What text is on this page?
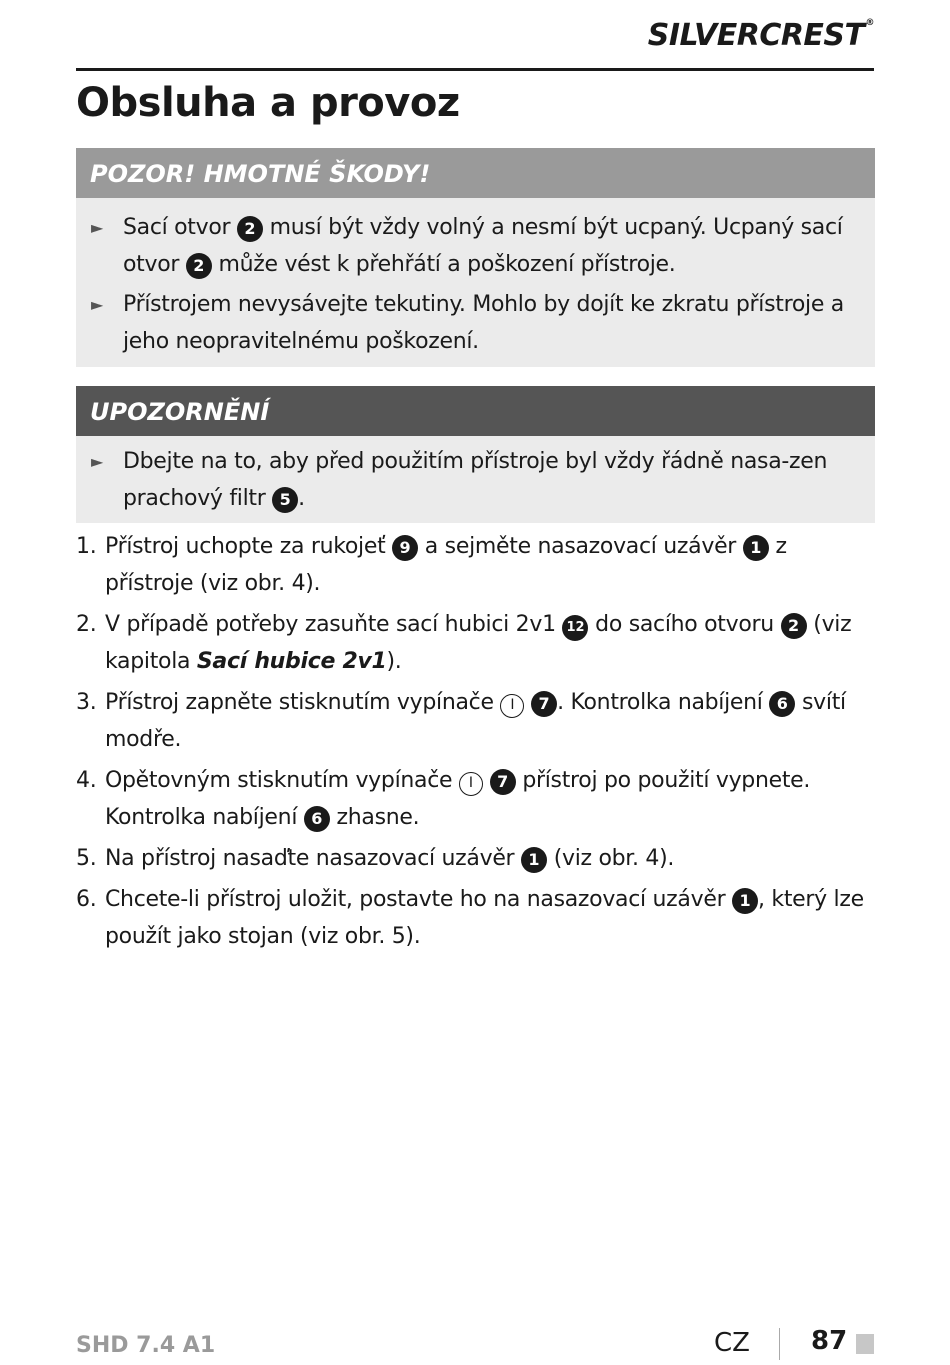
SILVERCREST®
Obsluha a provoz
POZOR! HMOTNÉ ŠKODY!
► Sací otvor 2 musí být vždy volný a nesmí být ucpaný. Ucpaný sací otvor 2 může vést k přehřátí a poškození přístroje.
► Přístrojem nevysávejte tekutiny. Mohlo by dojít ke zkratu přístroje a jeho neopravitelnému poškození.
UPOZORNĚNÍ
► Dbejte na to, aby před použitím přístroje byl vždy řádně nasa-zen prachový filtr 5 .
1. Přístroj uchopte za rukojeť 9 a sejměte nasazovací uzávěr 1 z přístroje (viz obr. 4).
2. V případě potřeby zasuňte sací hubici 2v1 12 do sacího otvoru 2 (viz kapitola Sací hubice 2v1).
3. Přístroj zapněte stisknutím vypínače I 7 . Kontrolka nabíjení 6 svítí modře.
4. Opětovným stisknutím vypínače I 7 přístroj po použití vypnete. Kontrolka nabíjení 6 zhasne.
5. Na přístroj nasaďte nasazovací uzávěr 1 (viz obr. 4).
6. Chcete-li přístroj uložit, postavte ho na nasazovací uzávěr 1 , který lze použít jako stojan (viz obr. 5).
SHD 7.4 A1	CZ 87
